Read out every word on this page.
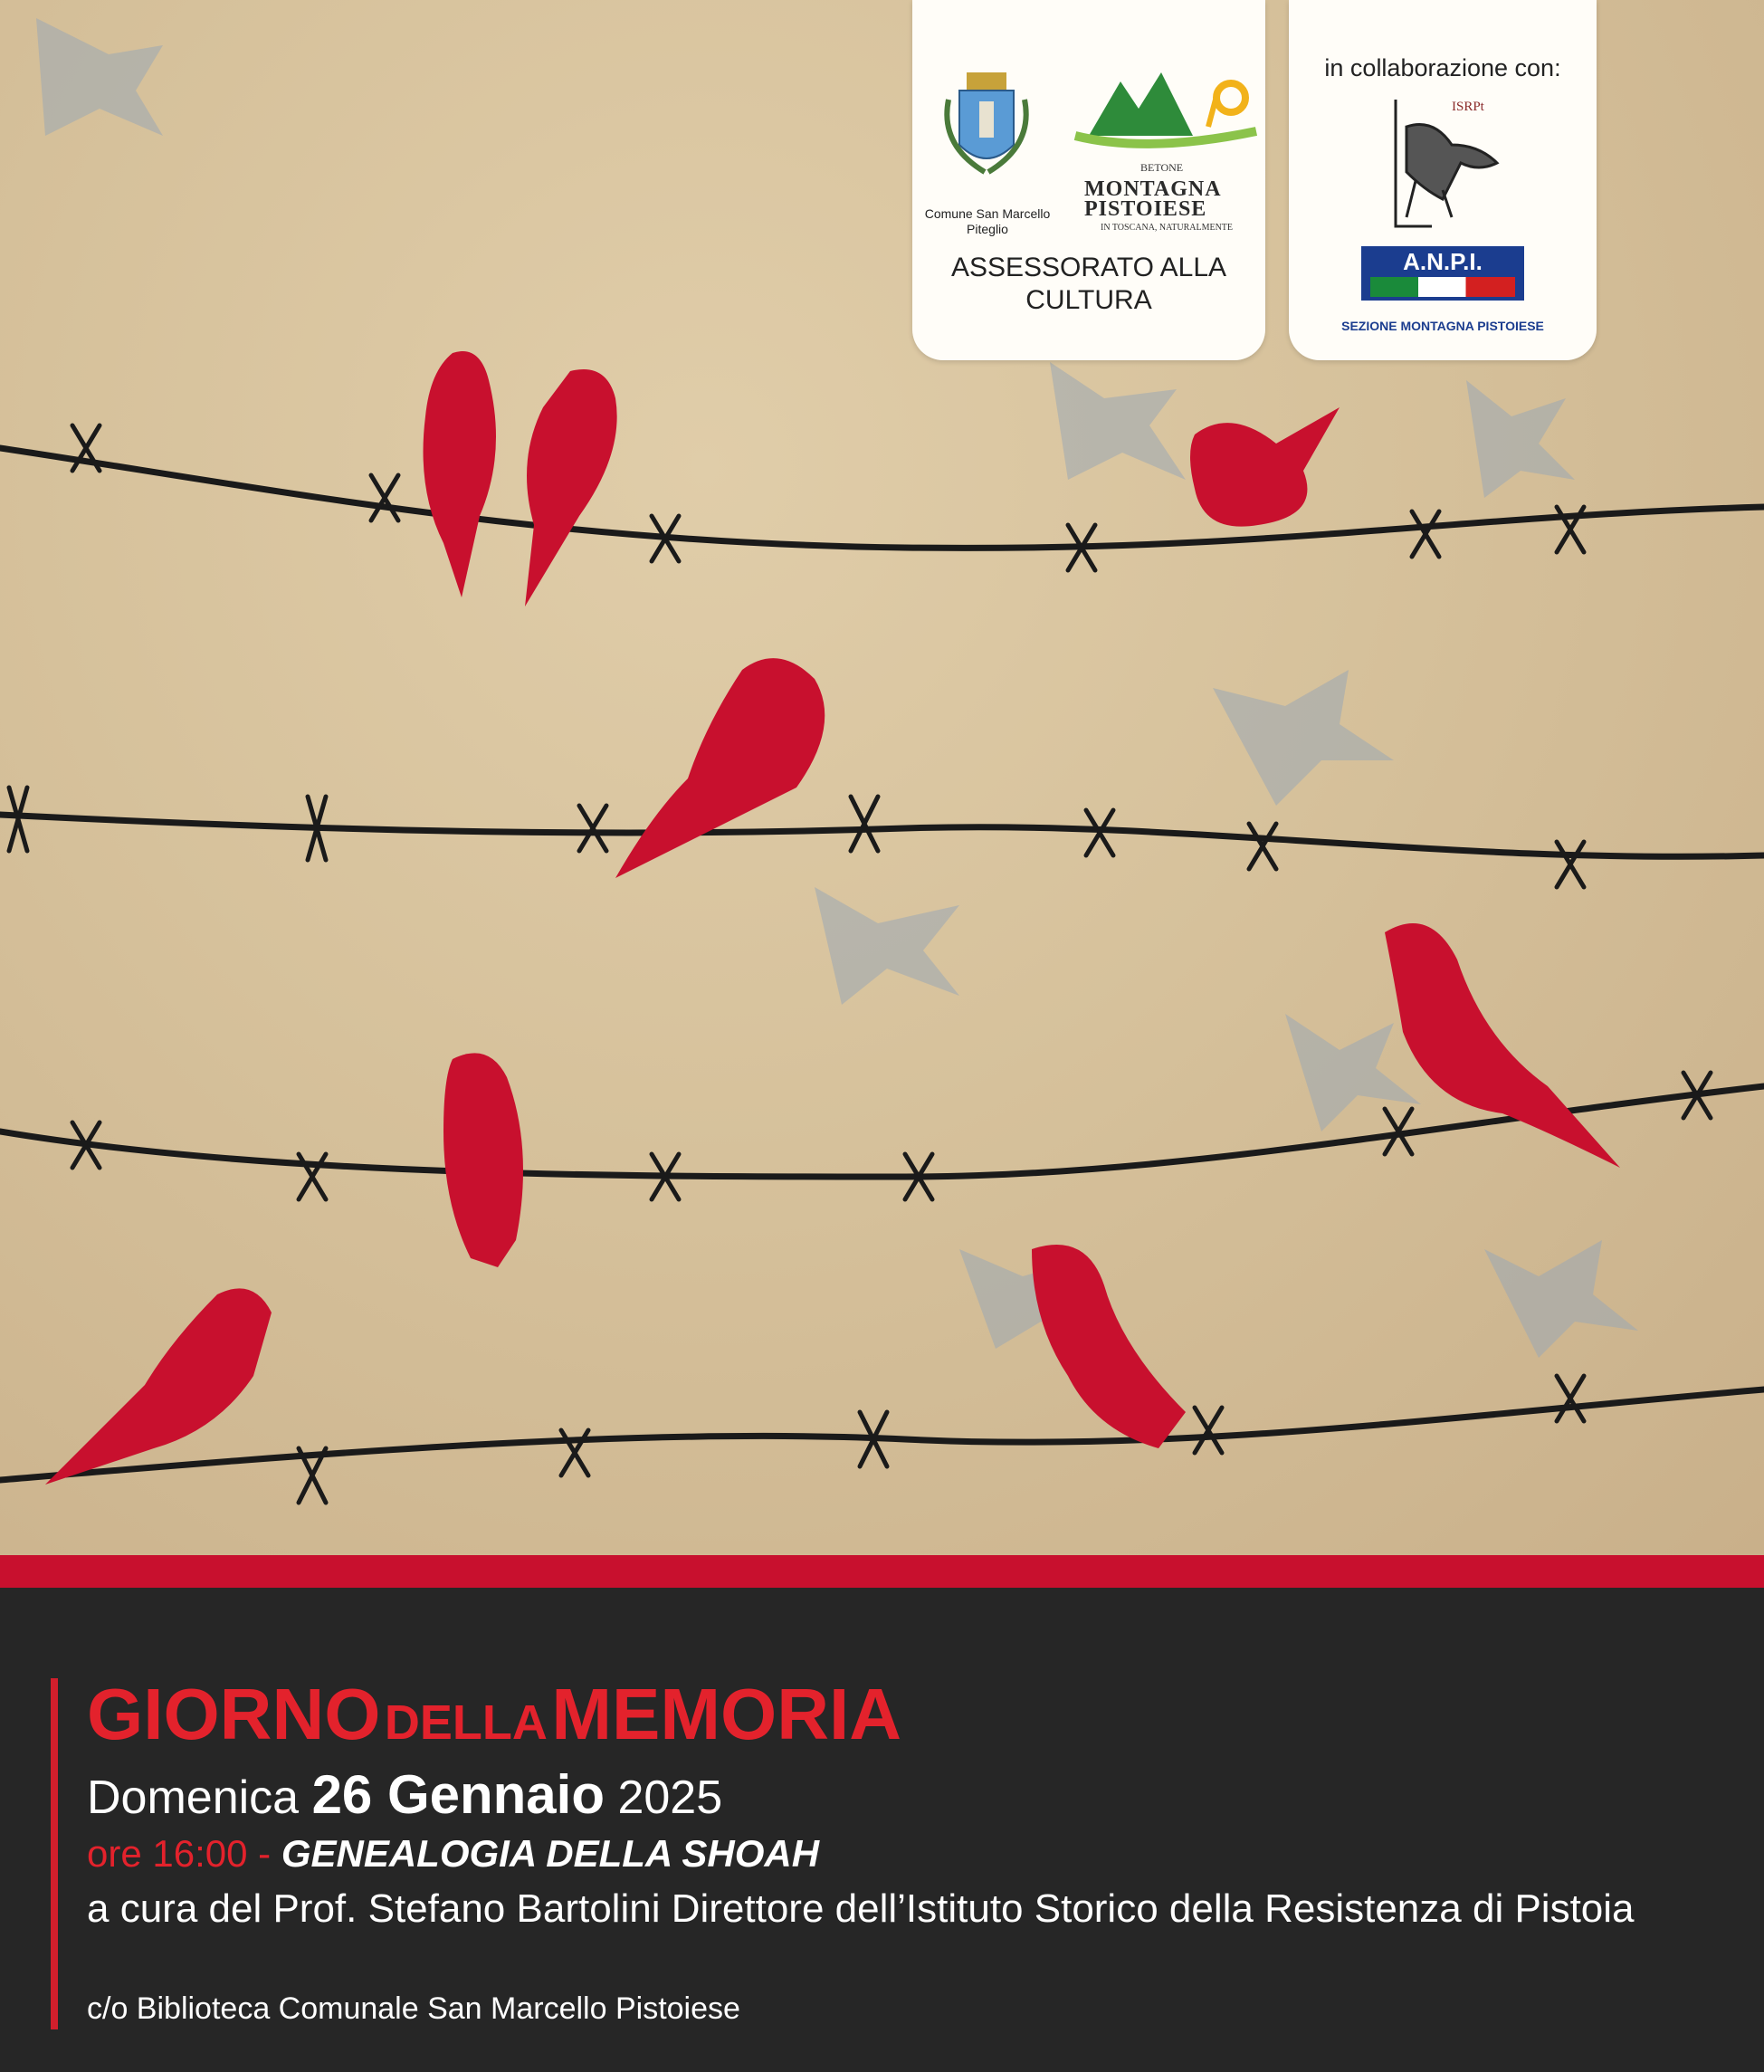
Comune San Marcello Piteglio
BETONE
MONTAGNA PISTOIESE
IN TOSCANA, NATURALMENTE
ASSESSORATO ALLA CULTURA
in collaborazione con:
ISRPt
A.N.P.I.
SEZIONE MONTAGNA PISTOIESE
GIORNO DELLA MEMORIA
Domenica 26 Gennaio 2025
ore 16:00 - GENEALOGIA DELLA SHOAH
a cura del Prof. Stefano Bartolini Direttore dell’Istituto Storico della Resistenza di Pistoia
c/o Biblioteca Comunale San Marcello Pistoiese
